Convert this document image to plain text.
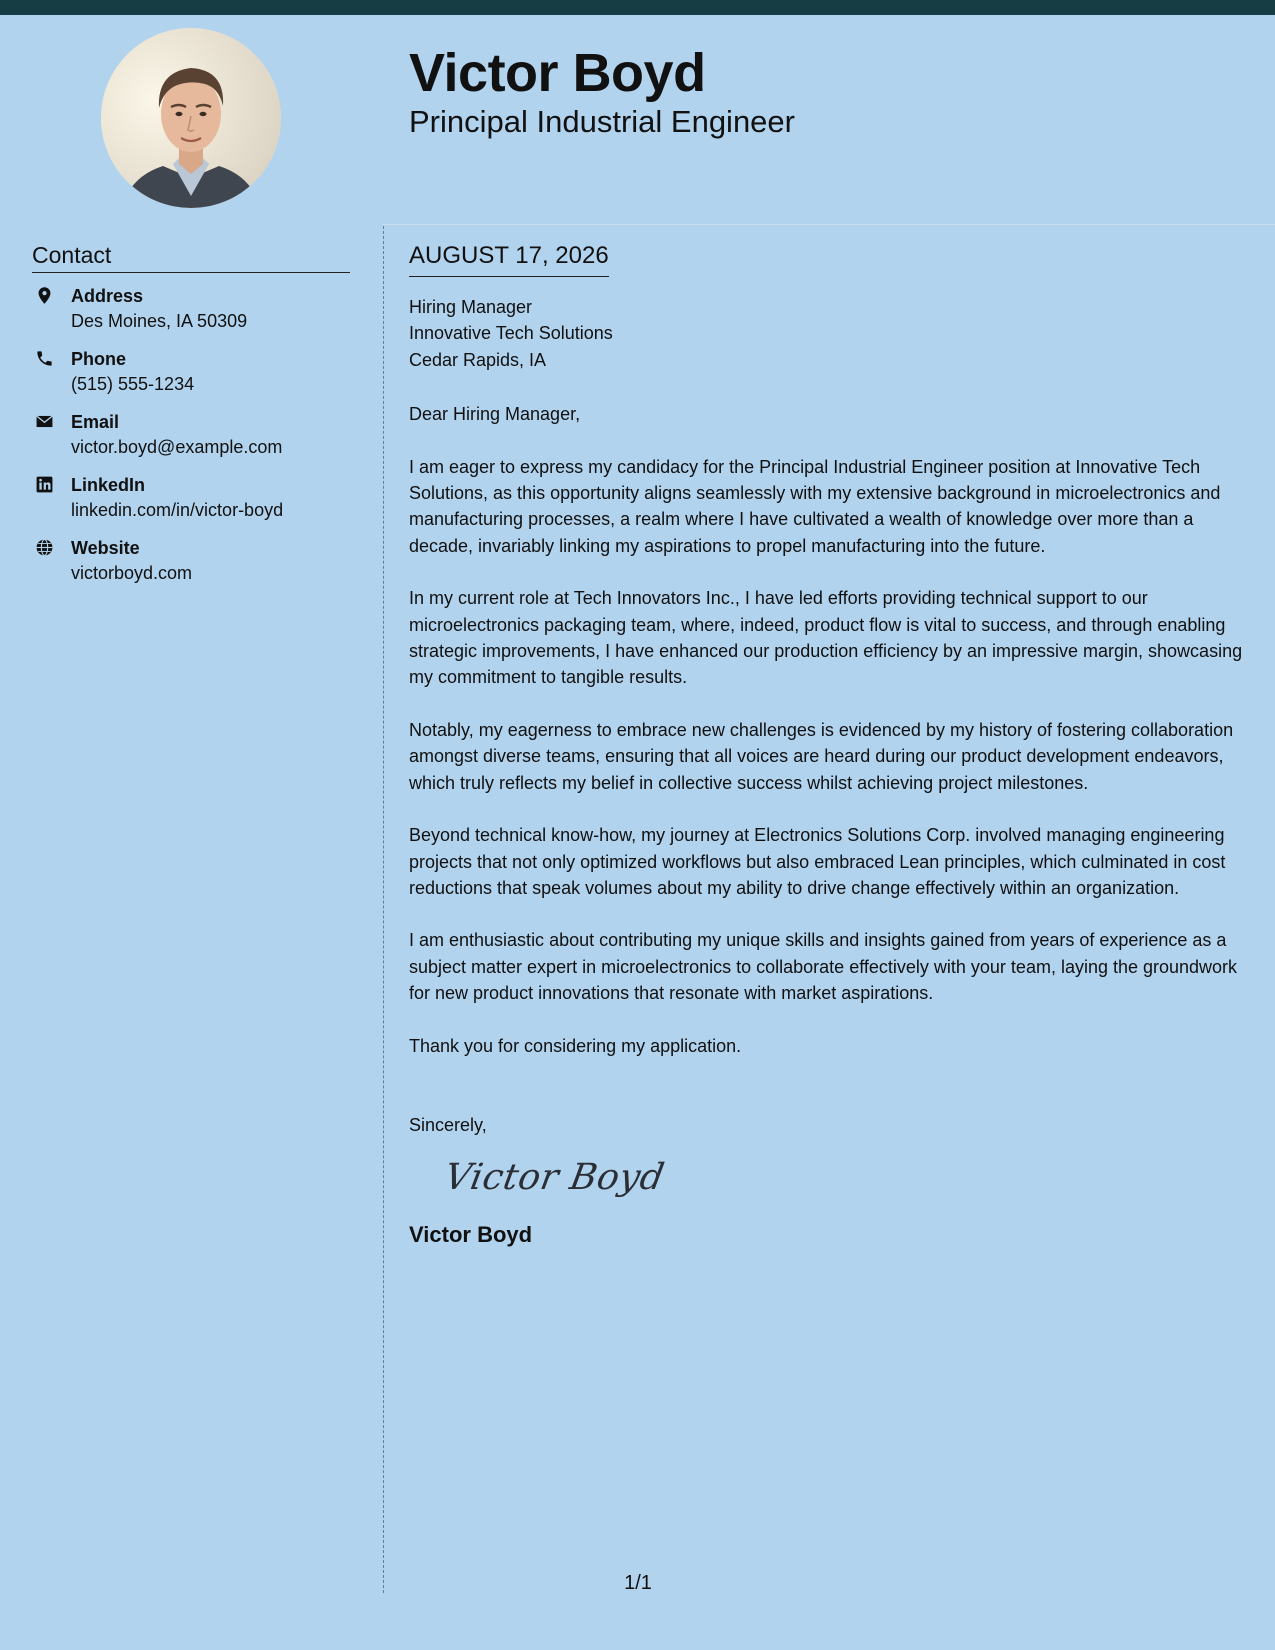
Victor Boyd
Principal Industrial Engineer
Contact
Address
Des Moines, IA 50309
Phone
(515) 555-1234
Email
victor.boyd@example.com
LinkedIn
linkedin.com/in/victor-boyd
Website
victorboyd.com
AUGUST 17, 2026
Hiring Manager
Innovative Tech Solutions
Cedar Rapids, IA
Dear Hiring Manager,

I am eager to express my candidacy for the Principal Industrial Engineer position at Innovative Tech Solutions, as this opportunity aligns seamlessly with my extensive background in microelectronics and manufacturing processes, a realm where I have cultivated a wealth of knowledge over more than a decade, invariably linking my aspirations to propel manufacturing into the future.

In my current role at Tech Innovators Inc., I have led efforts providing technical support to our microelectronics packaging team, where, indeed, product flow is vital to success, and through enabling strategic improvements, I have enhanced our production efficiency by an impressive margin, showcasing my commitment to tangible results.

Notably, my eagerness to embrace new challenges is evidenced by my history of fostering collaboration amongst diverse teams, ensuring that all voices are heard during our product development endeavors, which truly reflects my belief in collective success whilst achieving project milestones.

Beyond technical know-how, my journey at Electronics Solutions Corp. involved managing engineering projects that not only optimized workflows but also embraced Lean principles, which culminated in cost reductions that speak volumes about my ability to drive change effectively within an organization.

I am enthusiastic about contributing my unique skills and insights gained from years of experience as a subject matter expert in microelectronics to collaborate effectively with your team, laying the groundwork for new product innovations that resonate with market aspirations.

Thank you for considering my application.

Sincerely,
Victor Boyd
Victor Boyd
1/1
